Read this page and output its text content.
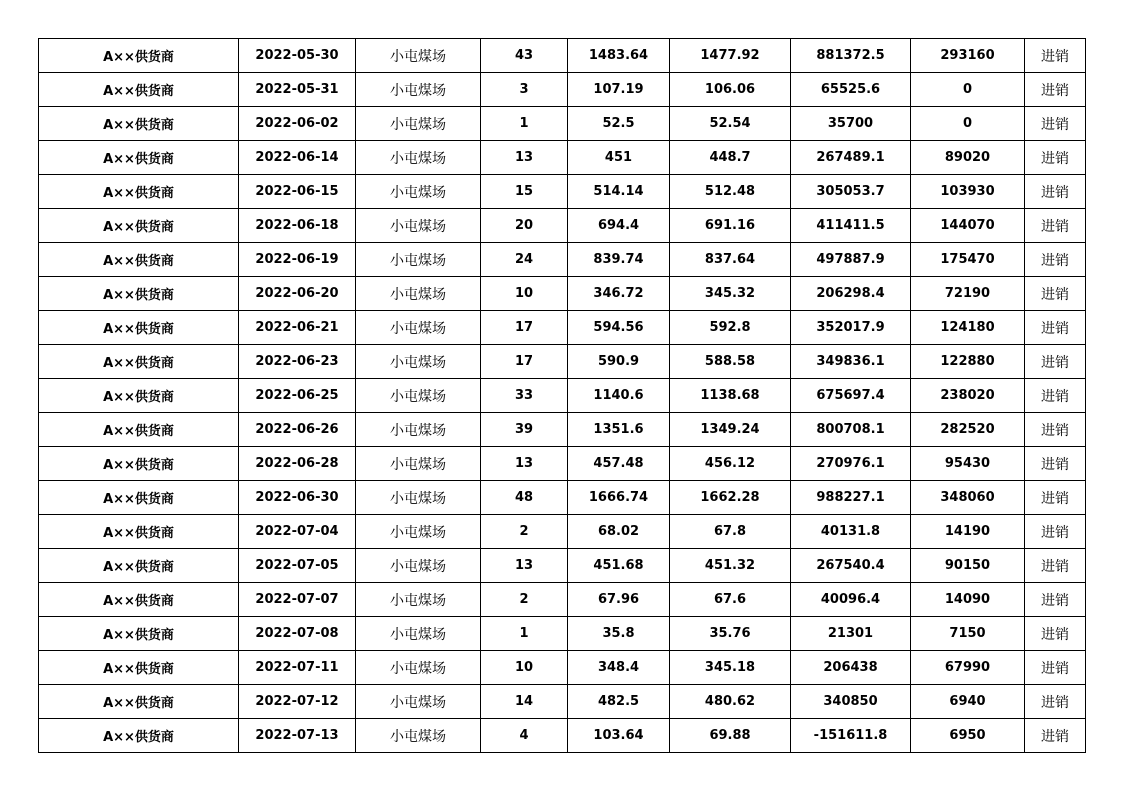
A××供货商	2022-05-30	小屯煤场	43	1483.64	1477.92	881372.5	293160	进销
A××供货商	2022-05-31	小屯煤场	3	107.19	106.06	65525.6	0	进销
A××供货商	2022-06-02	小屯煤场	1	52.5	52.54	35700	0	进销
A××供货商	2022-06-14	小屯煤场	13	451	448.7	267489.1	89020	进销
A××供货商	2022-06-15	小屯煤场	15	514.14	512.48	305053.7	103930	进销
A××供货商	2022-06-18	小屯煤场	20	694.4	691.16	411411.5	144070	进销
A××供货商	2022-06-19	小屯煤场	24	839.74	837.64	497887.9	175470	进销
A××供货商	2022-06-20	小屯煤场	10	346.72	345.32	206298.4	72190	进销
A××供货商	2022-06-21	小屯煤场	17	594.56	592.8	352017.9	124180	进销
A××供货商	2022-06-23	小屯煤场	17	590.9	588.58	349836.1	122880	进销
A××供货商	2022-06-25	小屯煤场	33	1140.6	1138.68	675697.4	238020	进销
A××供货商	2022-06-26	小屯煤场	39	1351.6	1349.24	800708.1	282520	进销
A××供货商	2022-06-28	小屯煤场	13	457.48	456.12	270976.1	95430	进销
A××供货商	2022-06-30	小屯煤场	48	1666.74	1662.28	988227.1	348060	进销
A××供货商	2022-07-04	小屯煤场	2	68.02	67.8	40131.8	14190	进销
A××供货商	2022-07-05	小屯煤场	13	451.68	451.32	267540.4	90150	进销
A××供货商	2022-07-07	小屯煤场	2	67.96	67.6	40096.4	14090	进销
A××供货商	2022-07-08	小屯煤场	1	35.8	35.76	21301	7150	进销
A××供货商	2022-07-11	小屯煤场	10	348.4	345.18	206438	67990	进销
A××供货商	2022-07-12	小屯煤场	14	482.5	480.62	340850	6940	进销
A××供货商	2022-07-13	小屯煤场	4	103.64	69.88	-151611.8	6950	进销
